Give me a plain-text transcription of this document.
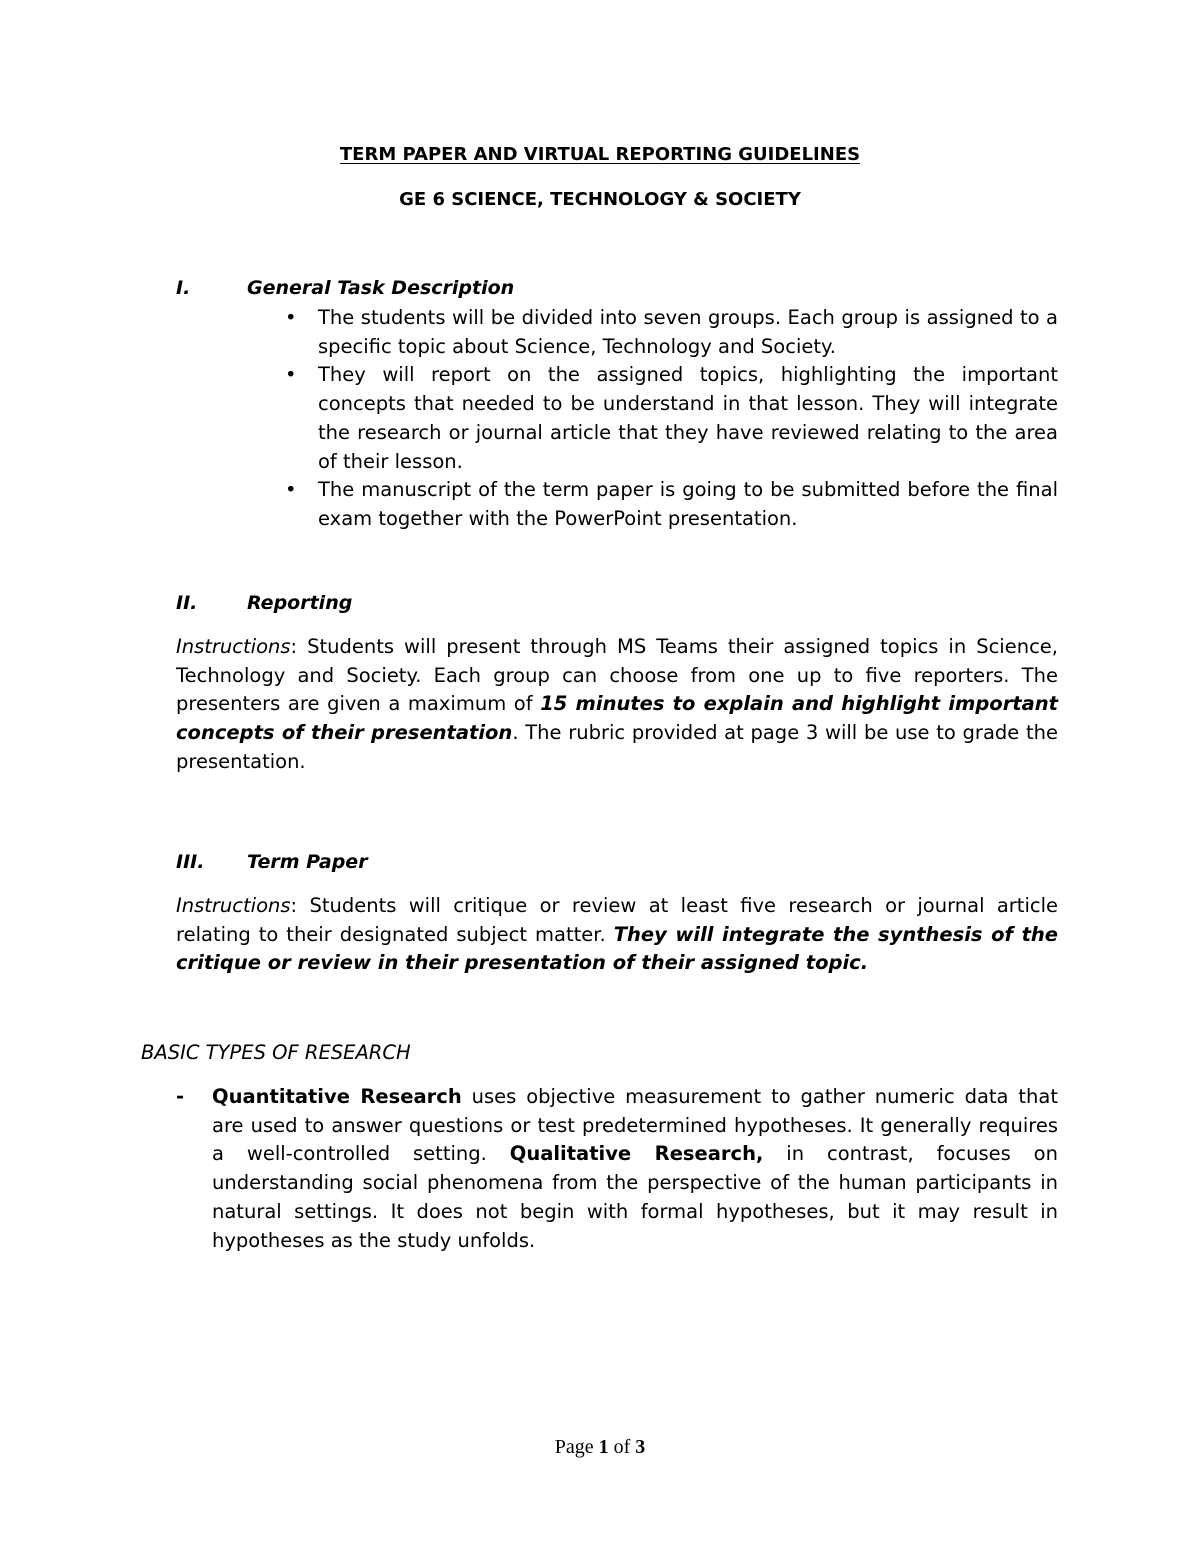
TERM PAPER AND VIRTUAL REPORTING GUIDELINES
GE 6 SCIENCE, TECHNOLOGY & SOCIETY
I.	General Task Description
• The students will be divided into seven groups. Each group is assigned to a specific topic about Science, Technology and Society.
• They will report on the assigned topics, highlighting the important concepts that needed to be understand in that lesson. They will integrate the research or journal article that they have reviewed relating to the area of their lesson.
• The manuscript of the term paper is going to be submitted before the final exam together with the PowerPoint presentation.
II.	Reporting
Instructions: Students will present through MS Teams their assigned topics in Science, Technology and Society. Each group can choose from one up to five reporters. The presenters are given a maximum of 15 minutes to explain and highlight important concepts of their presentation. The rubric provided at page 3 will be use to grade the presentation.
III. Term Paper
Instructions: Students will critique or review at least five research or journal article relating to their designated subject matter. They will integrate the synthesis of the critique or review in their presentation of their assigned topic.
BASIC TYPES OF RESEARCH
- Quantitative Research uses objective measurement to gather numeric data that are used to answer questions or test predetermined hypotheses. It generally requires a well-controlled setting. Qualitative Research, in contrast, focuses on understanding social phenomena from the perspective of the human participants in natural settings. It does not begin with formal hypotheses, but it may result in hypotheses as the study unfolds.
Page 1 of 3
